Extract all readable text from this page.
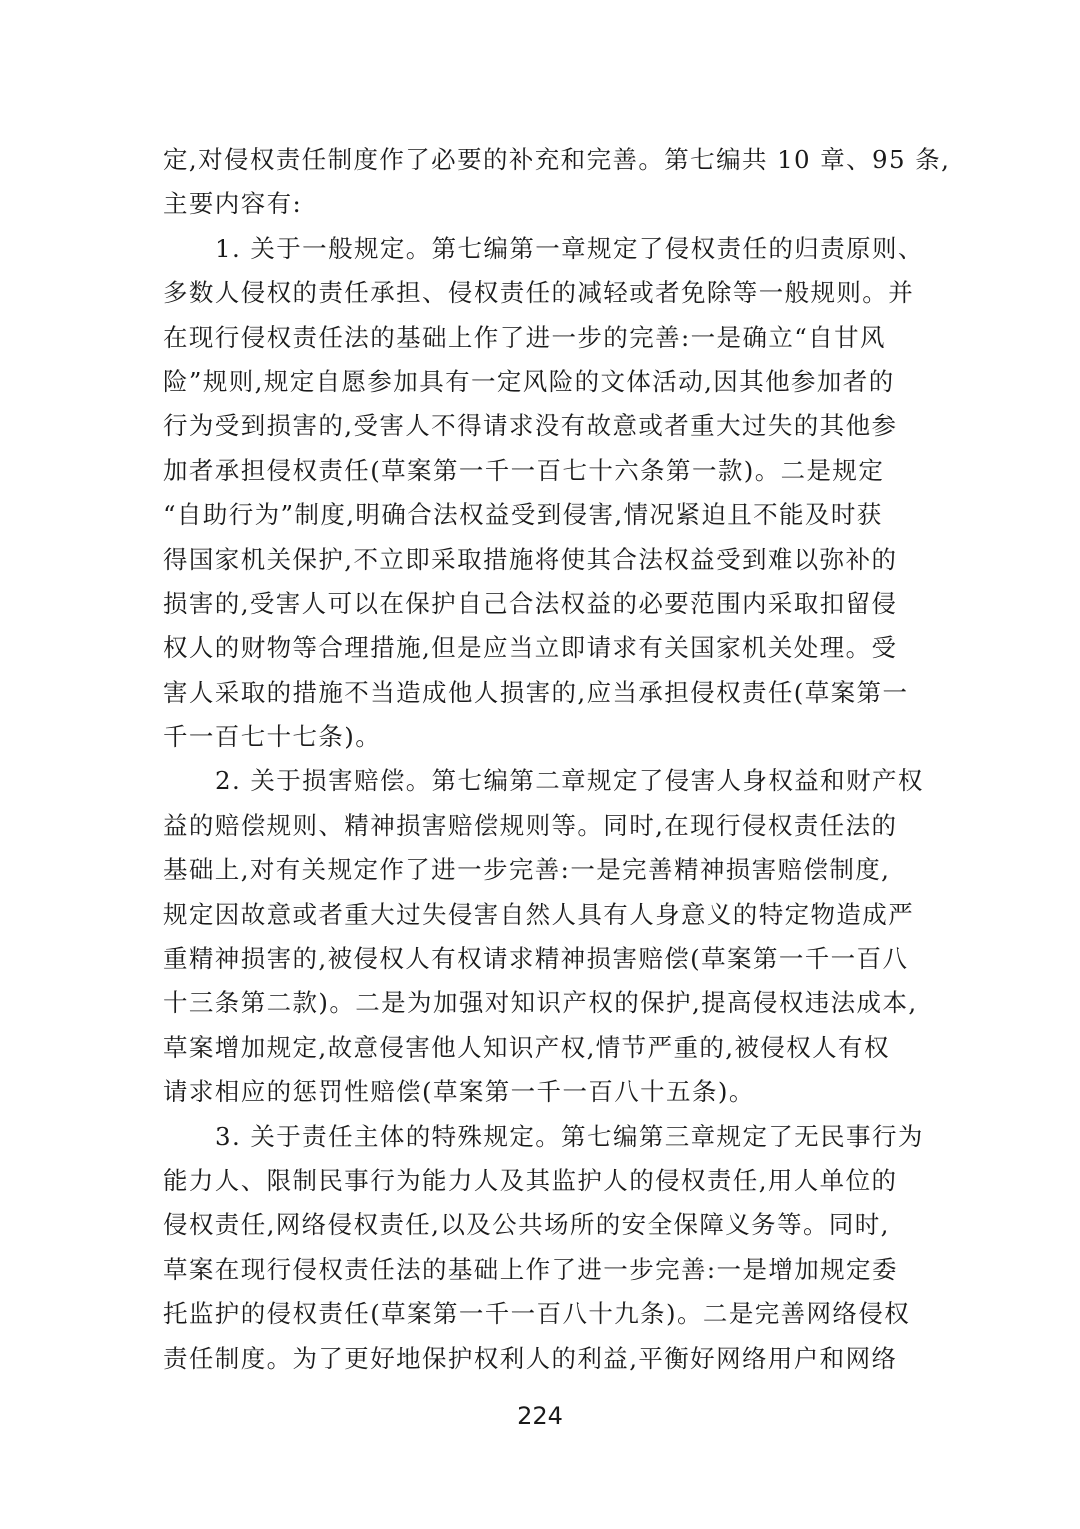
定,对侵权责任制度作了必要的补充和完善。第七编共 10 章、95 条,
主要内容有:
1. 关于一般规定。第七编第一章规定了侵权责任的归责原则、
多数人侵权的责任承担、侵权责任的减轻或者免除等一般规则。并
在现行侵权责任法的基础上作了进一步的完善:一是确立“自甘风
险”规则,规定自愿参加具有一定风险的文体活动,因其他参加者的
行为受到损害的,受害人不得请求没有故意或者重大过失的其他参
加者承担侵权责任(草案第一千一百七十六条第一款)。二是规定
“自助行为”制度,明确合法权益受到侵害,情况紧迫且不能及时获
得国家机关保护,不立即采取措施将使其合法权益受到难以弥补的
损害的,受害人可以在保护自己合法权益的必要范围内采取扣留侵
权人的财物等合理措施,但是应当立即请求有关国家机关处理。受
害人采取的措施不当造成他人损害的,应当承担侵权责任(草案第一
千一百七十七条)。
2. 关于损害赔偿。第七编第二章规定了侵害人身权益和财产权
益的赔偿规则、精神损害赔偿规则等。同时,在现行侵权责任法的
基础上,对有关规定作了进一步完善:一是完善精神损害赔偿制度,
规定因故意或者重大过失侵害自然人具有人身意义的特定物造成严
重精神损害的,被侵权人有权请求精神损害赔偿(草案第一千一百八
十三条第二款)。二是为加强对知识产权的保护,提高侵权违法成本,
草案增加规定,故意侵害他人知识产权,情节严重的,被侵权人有权
请求相应的惩罚性赔偿(草案第一千一百八十五条)。
3. 关于责任主体的特殊规定。第七编第三章规定了无民事行为
能力人、限制民事行为能力人及其监护人的侵权责任,用人单位的
侵权责任,网络侵权责任,以及公共场所的安全保障义务等。同时,
草案在现行侵权责任法的基础上作了进一步完善:一是增加规定委
托监护的侵权责任(草案第一千一百八十九条)。二是完善网络侵权
责任制度。为了更好地保护权利人的利益,平衡好网络用户和网络
224
